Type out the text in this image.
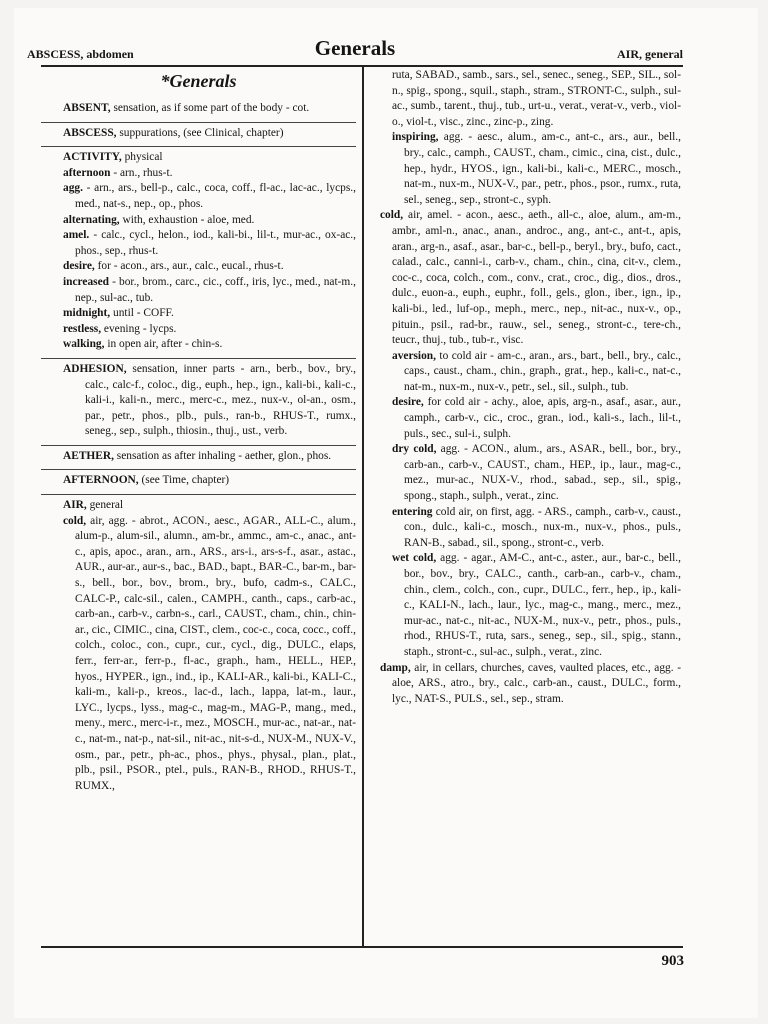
ABSCESS, abdomen	Generals	AIR, general
*Generals

ABSENT, sensation, as if some part of the body - cot.

ABSCESS, suppurations, (see Clinical, chapter)

ACTIVITY, physical

afternoon - arn., rhus-t.

agg. - arn., ars., bell-p., calc., coca, coff., fl-ac., lac-ac., lycps., med., nat-s., nep., op., phos.

alternating, with, exhaustion - aloe, med.

amel. - calc., cycl., helon., iod., kali-bi., lil-t., mur-ac., ox-ac., phos., sep., rhus-t.

desire, for - acon., ars., aur., calc., eucal., rhus-t.

increased - bor., brom., carc., cic., coff., iris, lyc., med., nat-m., nep., sul-ac., tub.

midnight, until - COFF.

restless, evening - lycps.

walking, in open air, after - chin-s.

ADHESION, sensation, inner parts - arn., berb., bov., bry., calc., calc-f., coloc., dig., euph., hep., ign., kali-bi., kali-c., kali-i., kali-n., merc., merc-c., mez., nux-v., ol-an., osm., par., petr., phos., plb., puls., ran-b., RHUS-T., rumx., seneg., sep., sulph., thiosin., thuj., ust., verb.

AETHER, sensation as after inhaling - aether, glon., phos.

AFTERNOON, (see Time, chapter)

AIR, general

cold, air, agg. - abrot., ACON., aesc., AGAR., ALL-C., alum., alum-p., alum-sil., alumn., am-br., ammc., am-c., anac., ant-c., apis, apoc., aran., arn., ARS., ars-i., ars-s-f., asar., astac., AUR., aur-ar., aur-s., bac., BAD., bapt., BAR-C., bar-m., bar-s., bell., bor., bov., brom., bry., bufo, cadm-s., CALC., CALC-P., calc-sil., calen., CAMPH., canth., caps., carb-ac., carb-an., carb-v., carbn-s., carl., CAUST., cham., chin., chin-ar., cic., CIMIC., cina, CIST., clem., coc-c., coca, cocc., coff., colch., coloc., con., cupr., cur., cycl., dig., DULC., elaps, ferr., ferr-ar., ferr-p., fl-ac., graph., ham., HELL., HEP., hyos., HYPER., ign., ind., ip., KALI-AR., kali-bi., KALI-C., kali-m., kali-p., kreos., lac-d., lach., lappa, lat-m., laur., LYC., lycps., lyss., mag-c., mag-m., MAG-P., mang., med., meny., merc., merc-i-r., mez., MOSCH., mur-ac., nat-ar., nat-c., nat-m., nat-p., nat-sil., nit-ac., nit-s-d., NUX-M., NUX-V., osm., par., petr., ph-ac., phos., phys., physal., plan., plat., plb., psil., PSOR., ptel., puls., RAN-B., RHOD., RHUS-T., RUMX.,

ruta, SABAD., samb., sars., sel., senec., seneg., SEP., SIL., sol-n., spig., spong., squil., staph., stram., STRONT-C., sulph., sul-ac., sumb., tarent., thuj., tub., urt-u., verat., verat-v., verb., viol-o., viol-t., visc., zinc., zinc-p., zing.

inspiring, agg. - aesc., alum., am-c., ant-c., ars., aur., bell., bry., calc., camph., CAUST., cham., cimic., cina, cist., dulc., hep., hydr., HYOS., ign., kali-bi., kali-c., MERC., mosch., nat-m., nux-m., NUX-V., par., petr., phos., psor., rumx., ruta, sel., seneg., sep., stront-c., syph.

cold, air, amel. - acon., aesc., aeth., all-c., aloe, alum., am-m., ambr., aml-n., anac., anan., androc., ang., ant-c., ant-t., apis, aran., arg-n., asaf., asar., bar-c., bell-p., beryl., bry., bufo, cact., calad., calc., canni-i., carb-v., cham., chin., cina, cit-v., clem., coc-c., coca, colch., com., conv., crat., croc., dig., dios., dros., dulc., euon-a., euph., euphr., foll., gels., glon., iber., ign., ip., kali-bi., led., luf-op., meph., merc., nep., nit-ac., nux-v., op., pituin., psil., rad-br., rauw., sel., seneg., stront-c., tere-ch., teucr., thuj., tub., tub-r., visc.

aversion, to cold air - am-c., aran., ars., bart., bell., bry., calc., caps., caust., cham., chin., graph., grat., hep., kali-c., nat-c., nat-m., nux-m., nux-v., petr., sel., sil., sulph., tub.

desire, for cold air - achy., aloe, apis, arg-n., asaf., asar., aur., camph., carb-v., cic., croc., gran., iod., kali-s., lach., lil-t., puls., sec., sul-i., sulph.

dry cold, agg. - ACON., alum., ars., ASAR., bell., bor., bry., carb-an., carb-v., CAUST., cham., HEP., ip., laur., mag-c., mez., mur-ac., NUX-V., rhod., sabad., sep., sil., spig., spong., staph., sulph., verat., zinc.

entering cold air, on first, agg. - ARS., camph., carb-v., caust., con., dulc., kali-c., mosch., nux-m., nux-v., phos., puls., RAN-B., sabad., sil., spong., stront-c., verb.

wet cold, agg. - agar., AM-C., ant-c., aster., aur., bar-c., bell., bor., bov., bry., CALC., canth., carb-an., carb-v., cham., chin., clem., colch., con., cupr., DULC., ferr., hep., ip., kali-c., KALI-N., lach., laur., lyc., mag-c., mang., merc., mez., mur-ac., nat-c., nit-ac., NUX-M., nux-v., petr., phos., puls., rhod., RHUS-T., ruta, sars., seneg., sep., sil., spig., stann., staph., stront-c., sul-ac., sulph., verat., zinc.

damp, air, in cellars, churches, caves, vaulted places, etc., agg. - aloe, ARS., atro., bry., calc., carb-an., caust., DULC., form., lyc., NAT-S., PULS., sel., sep., stram.

903
